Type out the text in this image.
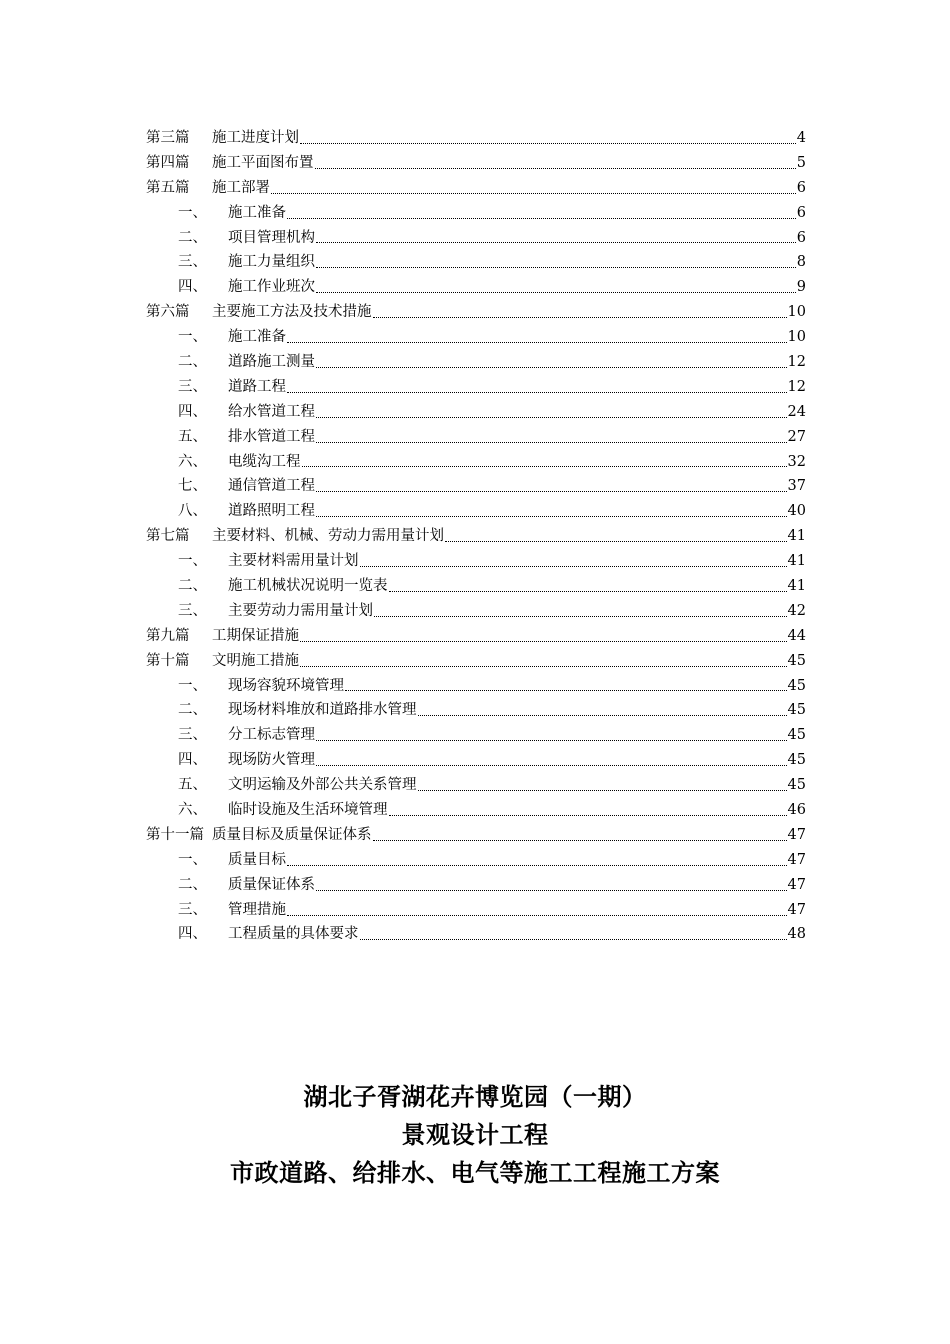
第三篇	施工进度计划	4
第四篇	施工平面图布置	5
第五篇	施工部署	6
一、	施工准备	6
二、	项目管理机构	6
三、	施工力量组织	8
四、	施工作业班次	9
第六篇	主要施工方法及技术措施	10
一、	施工准备	10
二、	道路施工测量	12
三、	道路工程	12
四、	给水管道工程	24
五、	排水管道工程	27
六、	电缆沟工程	32
七、	通信管道工程	37
八、	道路照明工程	40
第七篇	主要材料、机械、劳动力需用量计划	41
一、	主要材料需用量计划	41
二、	施工机械状况说明一览表	41
三、	主要劳动力需用量计划	42
第九篇	工期保证措施	44
第十篇	文明施工措施	45
一、	现场容貌环境管理	45
二、	现场材料堆放和道路排水管理	45
三、	分工标志管理	45
四、	现场防火管理	45
五、	文明运输及外部公共关系管理	45
六、	临时设施及生活环境管理	46
第十一篇 质量目标及质量保证体系	47
一、	质量目标	47
二、	质量保证体系	47
三、	管理措施	47
四、	工程质量的具体要求	48
湖北子胥湖花卉博览园（一期）
景观设计工程
市政道路、给排水、电气等施工工程施工方案
